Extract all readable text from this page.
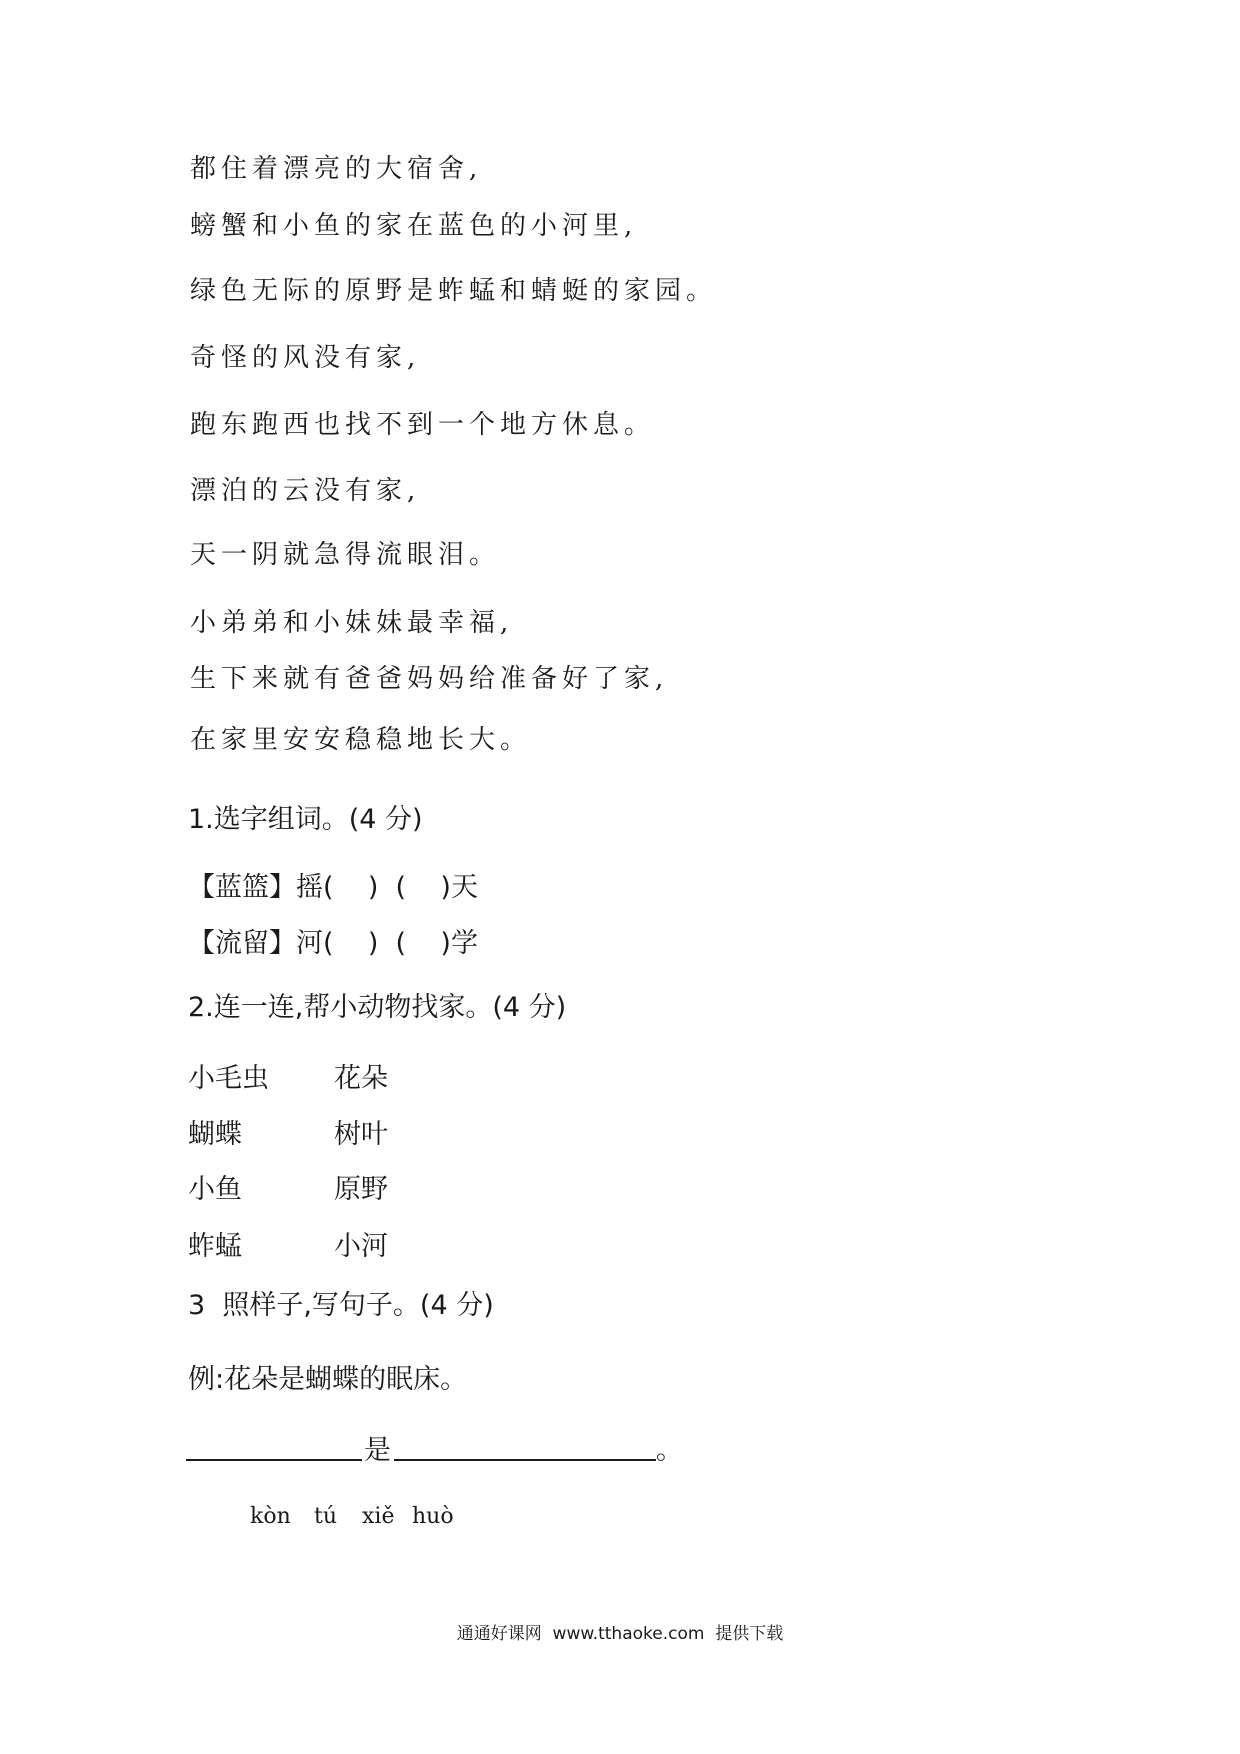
都住着漂亮的大宿舍,
螃蟹和小鱼的家在蓝色的小河里,
绿色无际的原野是蚱蜢和蜻蜓的家园。
奇怪的风没有家,
跑东跑西也找不到一个地方休息。
漂泊的云没有家,
天一阴就急得流眼泪。
小弟弟和小妹妹最幸福,
生下来就有爸爸妈妈给准备好了家,
在家里安安稳稳地长大。
1.选字组词。(4 分)
【蓝篮】摇(    )  (    )天
【流留】河(    )  (    )学
2.连一连,帮小动物找家。(4 分)
小毛虫 花朵
蝴蝶	树叶
小鱼	原野
蚱蜢	小河
3  照样子,写句子。(4 分)
例:花朵是蝴蝶的眠床。
是	。
kòn tú xiě huò
通通好课网  www.tthaoke.com  提供下载
